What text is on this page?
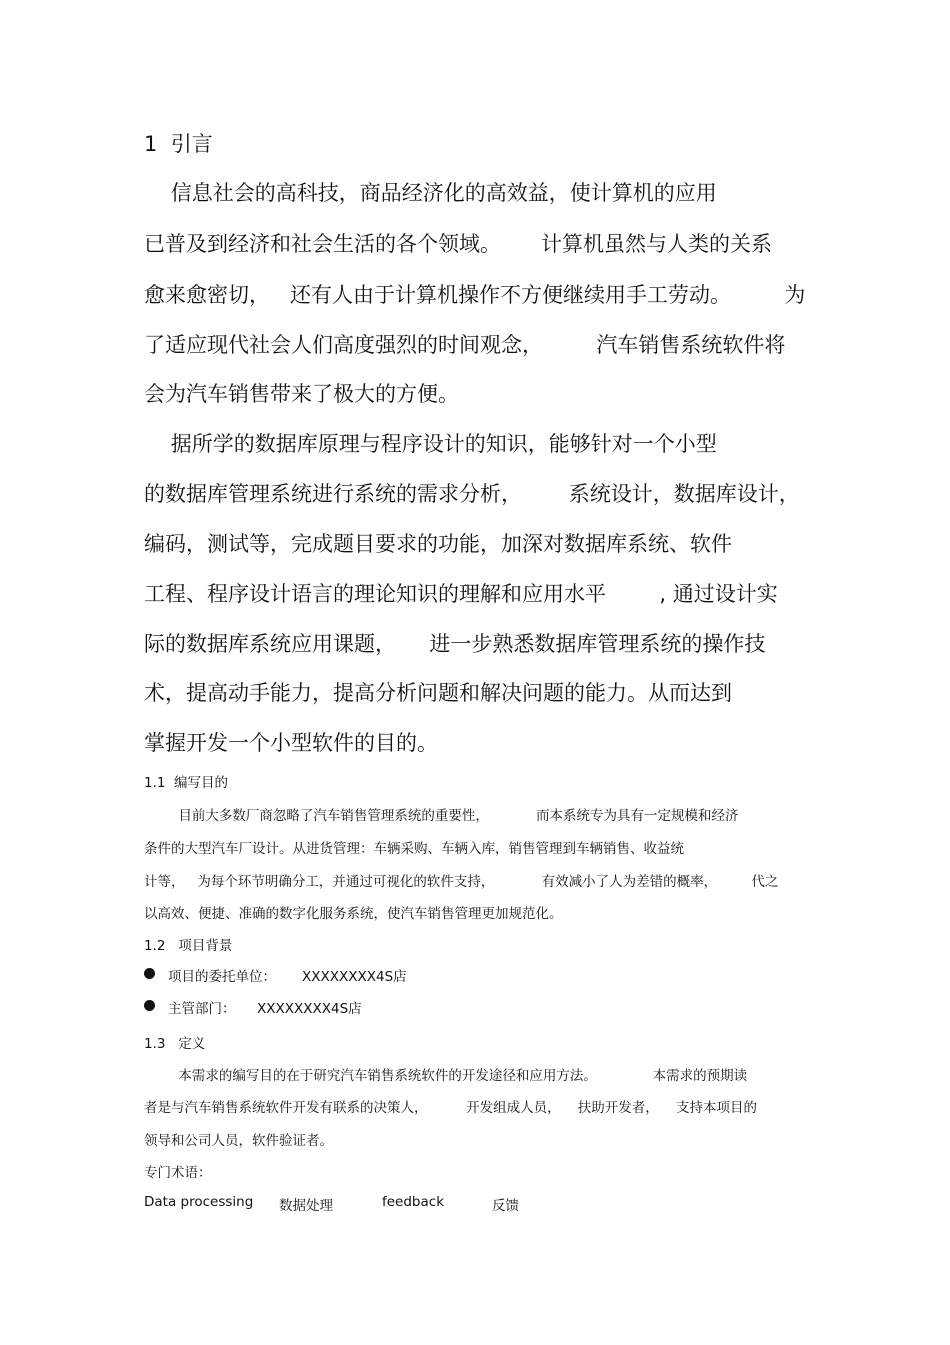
1  引言
信息社会的高科技，商品经济化的高效益，使计算机的应用
已普及到经济和社会生活的各个领域。      计算机虽然与人类的关系
愈来愈密切，   还有人由于计算机操作不方便继续用手工劳动。        为
了适应现代社会人们高度强烈的时间观念，        汽车销售系统软件将
会为汽车销售带来了极大的方便。
据所学的数据库原理与程序设计的知识，能够针对一个小型
的数据库管理系统进行系统的需求分析，       系统设计，数据库设计，
编码，测试等，完成题目要求的功能，加深对数据库系统、软件
工程、程序设计语言的理论知识的理解和应用水平        , 通过设计实
际的数据库系统应用课题，     进一步熟悉数据库管理系统的操作技
术，提高动手能力，提高分析问题和解决问题的能力。从而达到
掌握开发一个小型软件的目的。
1.1  编写目的
目前大多数厂商忽略了汽车销售管理系统的重要性，           而本系统专为具有一定规模和经济
条件的大型汽车厂设计。从进货管理：车辆采购、车辆入库，销售管理到车辆销售、收益统
计等，   为每个环节明确分工，并通过可视化的软件支持，           有效减小了人为差错的概率，        代之
以高效、便捷、准确的数字化服务系统，使汽车销售管理更加规范化。
1.2   项目背景
项目的委托单位： XXXXXXXX4S店
主管部门： XXXXXXXX4S店
1.3   定义
本需求的编写目的在于研究汽车销售系统软件的开发途径和应用方法。             本需求的预期读
者是与汽车销售系统软件开发有联系的决策人，         开发组成人员，    扶助开发者，    支持本项目的
领导和公司人员，软件验证者。
专门术语：
Data processing 数据处理	feedback	反馈
